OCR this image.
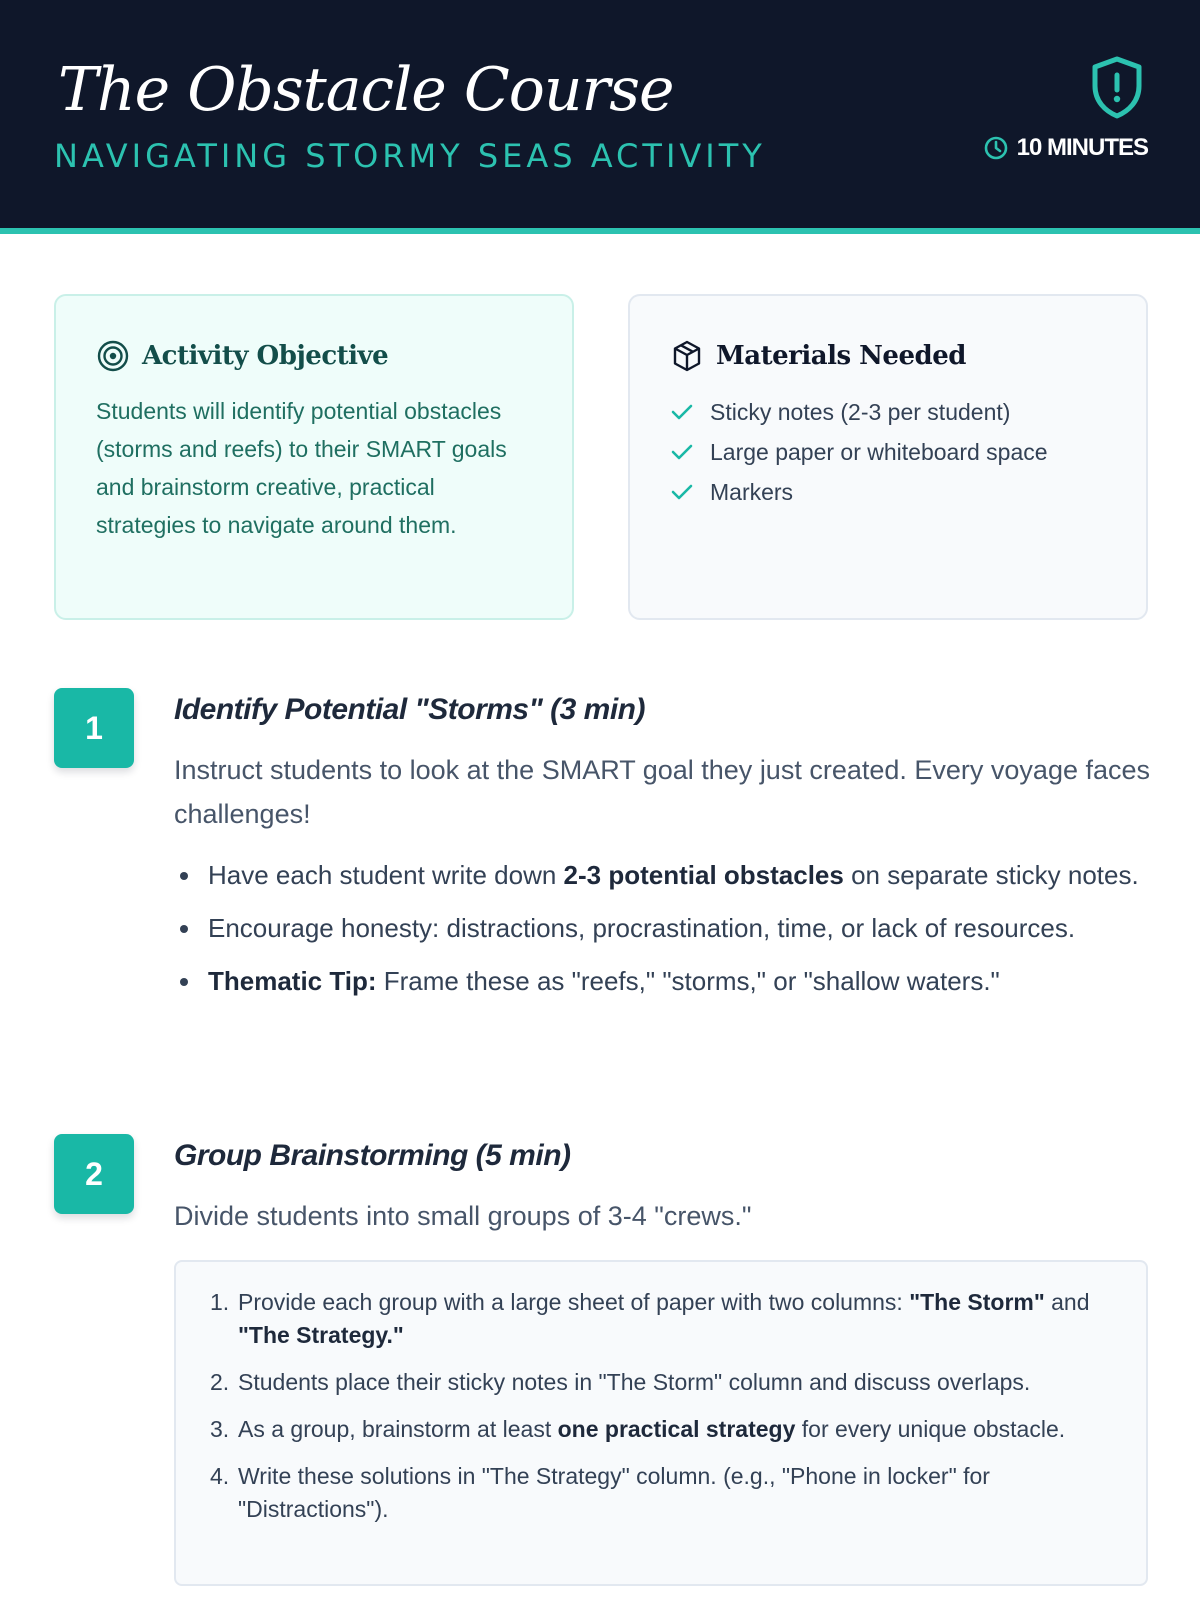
The Obstacle Course
NAVIGATING STORMY SEAS ACTIVITY	10 MINUTES
Activity Objective

Students will identify potential obstacles (storms and reefs) to their SMART goals and brainstorm creative, practical strategies to navigate around them.

Materials Needed
Sticky notes (2-3 per student)
Large paper or whiteboard space
Markers
1	Identify Potential "Storms" (3 min)

Instruct students to look at the SMART goal they just created. Every voyage faces challenges!

Have each student write down 2-3 potential obstacles on separate sticky notes.
Encourage honesty: distractions, procrastination, time, or lack of resources.
Thematic Tip: Frame these as "reefs," "storms," or "shallow waters."
2	Group Brainstorming (5 min)

Divide students into small groups of 3-4 "crews."

1. Provide each group with a large sheet of paper with two columns: "The Storm" and "The Strategy."
2. Students place their sticky notes in "The Storm" column and discuss overlaps.
3. As a group, brainstorm at least one practical strategy for every unique obstacle.
4. Write these solutions in "The Strategy" column. (e.g., "Phone in locker" for "Distractions").
